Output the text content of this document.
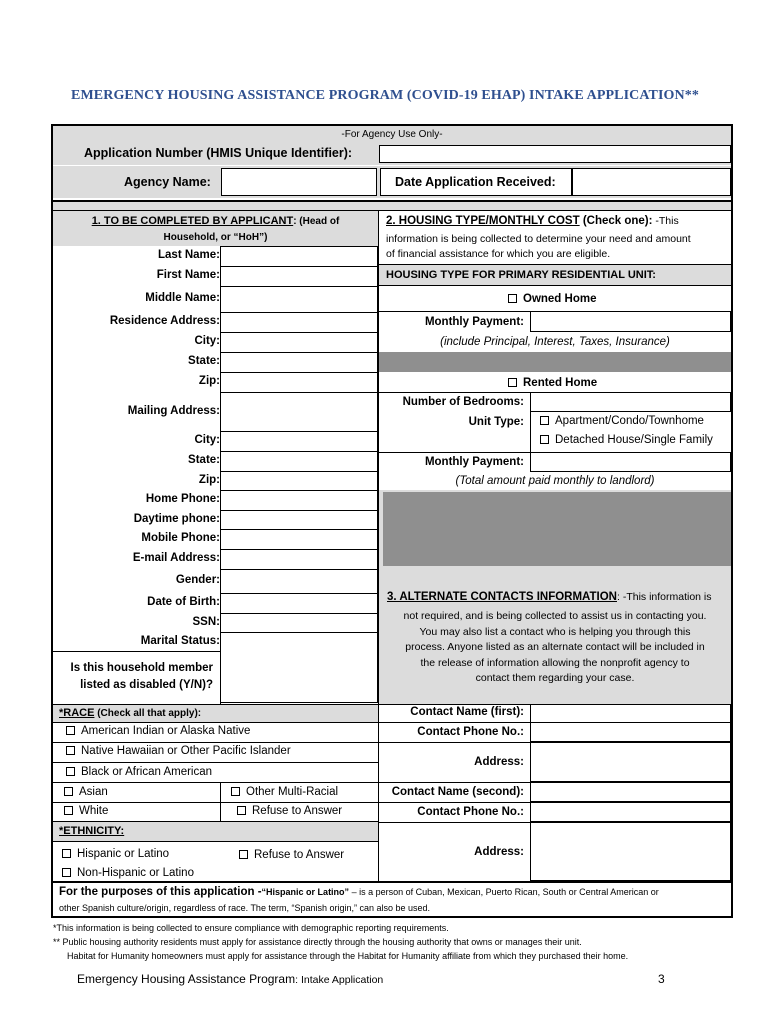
EMERGENCY HOUSING ASSISTANCE PROGRAM (COVID-19 EHAP) INTAKE APPLICATION**
-For Agency Use Only-
Application Number (HMIS Unique Identifier):
Agency Name:	Date Application Received:
1. TO BE COMPLETED BY APPLICANT: (Head of
Household, or “HoH”)
Last Name:
First Name:
Middle Name:
Residence Address:
City:
State:
Zip:
Mailing Address:
City:
State:
Zip:
Home Phone:
Daytime phone:
Mobile Phone:
E-mail Address:
Gender:
Date of Birth:
SSN:
Marital Status:
Is this household member
listed as disabled (Y/N)?
*RACE (Check all that apply):
American Indian or Alaska Native
Native Hawaiian or Other Pacific Islander
Black or African American
Asian	Other Multi-Racial
White	Refuse to Answer
*ETHNICITY:
Hispanic or Latino	Refuse to Answer
Non-Hispanic or Latino
2. HOUSING TYPE/MONTHLY COST (Check one): -This
information is being collected to determine your need and amount
of financial assistance for which you are eligible.
HOUSING TYPE FOR PRIMARY RESIDENTIAL UNIT:
Owned Home
Monthly Payment:
(include Principal, Interest, Taxes, Insurance)
Rented Home
Number of Bedrooms:
Unit Type:	Apartment/Condo/Townhome
Detached House/Single Family
Monthly Payment:
(Total amount paid monthly to landlord)
3. ALTERNATE CONTACTS INFORMATION: -This information is
not required, and is being collected to assist us in contacting you.
You may also list a contact who is helping you through this
process. Anyone listed as an alternate contact will be included in
the release of information allowing the nonprofit agency to
contact them regarding your case.
Contact Name (first):
Contact Phone No.:
Address:
Contact Name (second):
Contact Phone No.:
Address:
For the purposes of this application -“Hispanic or Latino” – is a person of Cuban, Mexican, Puerto Rican, South or Central American or
other Spanish culture/origin, regardless of race. The term, “Spanish origin,” can also be used.
*This information is being collected to ensure compliance with demographic reporting requirements.
** Public housing authority residents must apply for assistance directly through the housing authority that owns or manages their unit.
Habitat for Humanity homeowners must apply for assistance through the Habitat for Humanity affiliate from which they purchased their home.
Emergency Housing Assistance Program: Intake Application	3
